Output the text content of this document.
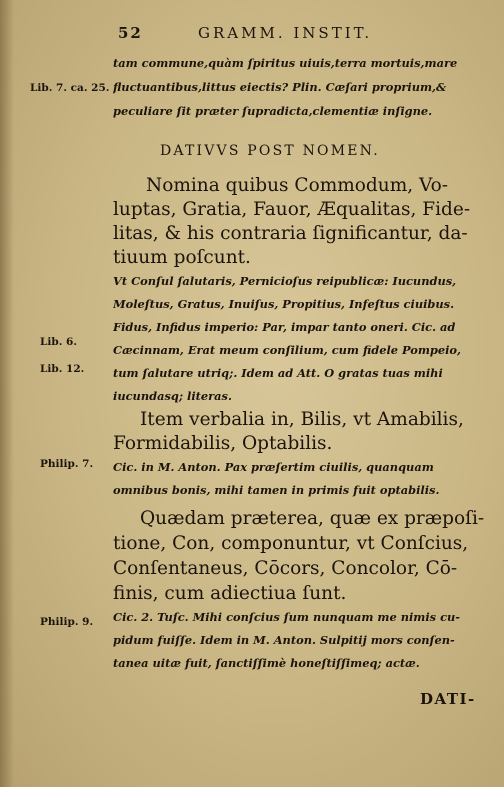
52	GRAMM. INSTIT.
Lib. 7. ca. 25.
Lib. 6.
Lib. 12.
Philip. 7.
Philip. 9.
tam commune,quàm ſpiritus uiuis,terra mortuis,mare
fluctuantibus,littus eiectis? Plin. Cæſari proprium,&
peculiare ſit præter ſupradicta,clementiæ inſigne.
DATIVVS POST NOMEN.
Nomina quibus Commodum, Vo-
luptas, Gratia, Fauor, Æqualitas, Fide-
litas, & his contraria ſignificantur, da-
tiuum poſcunt.
Vt Conſul ſalutaris, Pernicioſus reipublicæ: Iucundus,
Moleſtus, Gratus, Inuiſus, Propitius, Infeſtus ciuibus.
Fidus, Infidus imperio: Par, impar tanto oneri. Cic. ad
Cæcinnam, Erat meum conſilium, cum fidele Pompeio,
tum ſalutare utriq;. Idem ad Att. O gratas tuas mihi
iucundasq; literas.
Item verbalia in, Bilis, vt Amabilis,
Formidabilis, Optabilis.
Cic. in M. Anton. Pax præſertim ciuilis, quanquam
omnibus bonis, mihi tamen in primis fuit optabilis.
Quædam præterea, quæ ex præpoſi-
tione, Con, componuntur, vt Conſcius,
Conſentaneus, Cōcors, Concolor, Cō-
finis, cum adiectiua ſunt.
Cic. 2. Tuſc. Mihi conſcius ſum nunquam me nimis cu-
pidum fuiſſe. Idem in M. Anton. Sulpitij mors conſen-
tanea uitæ fuit, ſanctiſſimè honeſtiſſimeq; actæ.
DATI-
